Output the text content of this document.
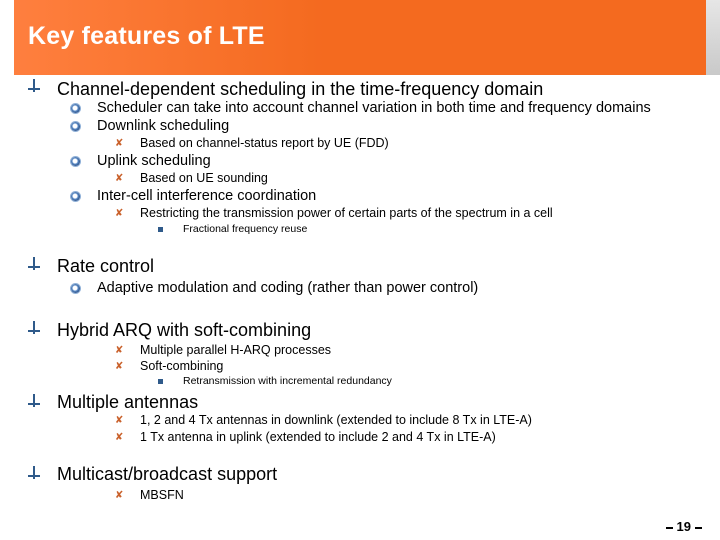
Key features of LTE
Channel-dependent scheduling in the time-frequency domain
Scheduler can take into account channel variation in both time and frequency domains
Downlink scheduling
✘ Based on channel-status report by UE (FDD)
Uplink scheduling
✘ Based on UE sounding
Inter-cell interference coordination
✘ Restricting the transmission power of certain parts of the spectrum in a cell
Fractional frequency reuse
Rate control
Adaptive modulation and coding (rather than power control)
Hybrid ARQ with soft-combining
✘ Multiple parallel H-ARQ processes
✘ Soft-combining
Retransmission with incremental redundancy
Multiple antennas
✘ 1, 2 and 4 Tx antennas in downlink (extended to include 8 Tx in LTE-A)
✘ 1 Tx antenna in uplink (extended to include 2 and 4 Tx in LTE-A)
Multicast/broadcast support
✘ MBSFN
19
